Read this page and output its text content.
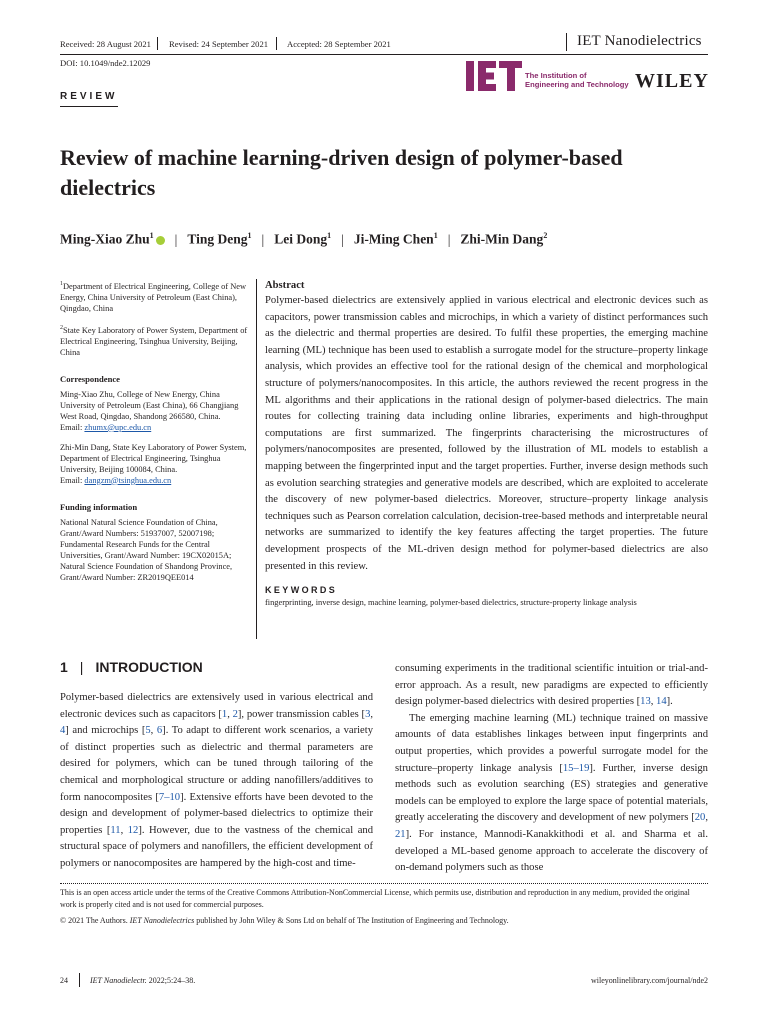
Received: 28 August 2021 Revised: 24 September 2021 Accepted: 28 September 2021	IET Nanodielectrics
DOI: 10.1049/nde2.12029
The Institution of
Engineering and Technology WILEY
REVIEW
Review of machine learning-driven design of polymer-based dielectrics
Ming-Xiao Zhu$^1$ | Ting Deng$^1$ | Lei Dong$^1$ | Ji-Ming Chen$^1$ | Zhi-Min Dang$^2$

$^1$Department of Electrical Engineering, College of New Energy, China University of Petroleum (East China), Qingdao, China

$^2$State Key Laboratory of Power System, Department of Electrical Engineering, Tsinghua University, Beijing, China

Correspondence

Ming-Xiao Zhu, College of New Energy, China University of Petroleum (East China), 66 Changjiang West Road, Qingdao, Shandong 266580, China.
Email: zhumx@upc.edu.cn

Zhi-Min Dang, State Key Laboratory of Power System, Department of Electrical Engineering, Tsinghua University, Beijing 100084, China.
Email: dangzm@tsinghua.edu.cn

Funding information

National Natural Science Foundation of China, Grant/Award Numbers: 51937007, 52007198; Fundamental Research Funds for the Central Universities, Grant/Award Number: 19CX02015A; Natural Science Foundation of Shandong Province, Grant/Award Number: ZR2019QEE014

Abstract
Polymer-based dielectrics are extensively applied in various electrical and electronic devices such as capacitors, power transmission cables and microchips, in which a variety of distinct performances such as the dielectric and thermal properties are desired. To fulfil these properties, the emerging machine learning (ML) technique has been used to establish a surrogate model for the structure–property linkage analysis, which provides an effective tool for the rational design of the chemical and morphological structure of polymers/nanocomposites. In this article, the authors reviewed the recent progress in the ML algorithms and their applications in the rational design of polymer-based dielectrics. The main routes for collecting training data including online libraries, experiments and high-throughput computations are first summarized. The fingerprints characterising the microstructures of polymers/nanocomposites are presented, followed by the illustration of ML models to establish a mapping between the fingerprinted input and the target properties. Further, inverse design methods such as evolution searching strategies and generative models are described, which are exploited to accelerate the discovery of new polymer-based dielectrics. Moreover, structure–property linkage analysis techniques such as Pearson correlation calculation, decision-tree-based methods and interpretable neural networks are summarized to identify the key features affecting the target properties. The future development prospects of the ML-driven design method for polymer-based dielectrics are also presented in this review.
KEYWORDS
fingerprinting, inverse design, machine learning, polymer-based dielectrics, structure-property linkage analysis
1 | INTRODUCTION

Polymer-based dielectrics are extensively used in various electrical and electronic devices such as capacitors [1, 2], power transmission cables [3, 4] and microchips [5, 6]. To adapt to different work scenarios, a variety of distinct properties such as dielectric and thermal parameters are desired for polymers, which can be tuned through tailoring of the chemical and morphological structure or adding nanofillers/additives to form nanocomposites [7–10]. Extensive efforts have been devoted to the design and development of polymer-based dielectrics to optimize their properties [11, 12]. However, due to the vastness of the chemical and structural space of polymers and nanofillers, the efficient development of polymers or nanocomposites are hampered by the high-cost and time-

consuming experiments in the traditional scientific intuition or trial-and-error approach. As a result, new paradigms are expected to efficiently design polymer-based dielectrics with desired properties [13, 14].

The emerging machine learning (ML) technique trained on massive amounts of data establishes linkages between input fingerprints and output properties, which provides a powerful surrogate model for the structure–property linkage analysis [15–19]. Further, inverse design methods such as evolution searching (ES) strategies and generative models can be employed to explore the large space of potential materials, greatly accelerating the discovery and development of new polymers [20, 21]. For instance, Mannodi-Kanakkithodi et al. and Sharma et al. developed a ML-based genome approach to accelerate the discovery of on-demand polymers such as those

This is an open access article under the terms of the Creative Commons Attribution-NonCommercial License, which permits use, distribution and reproduction in any medium, provided the original work is properly cited and is not used for commercial purposes.
© 2021 The Authors. IET Nanodielectrics published by John Wiley & Sons Ltd on behalf of The Institution of Engineering and Technology.
24	IET Nanodielectr. 2022;5:24–38.	wileyonlinelibrary.com/journal/nde2
